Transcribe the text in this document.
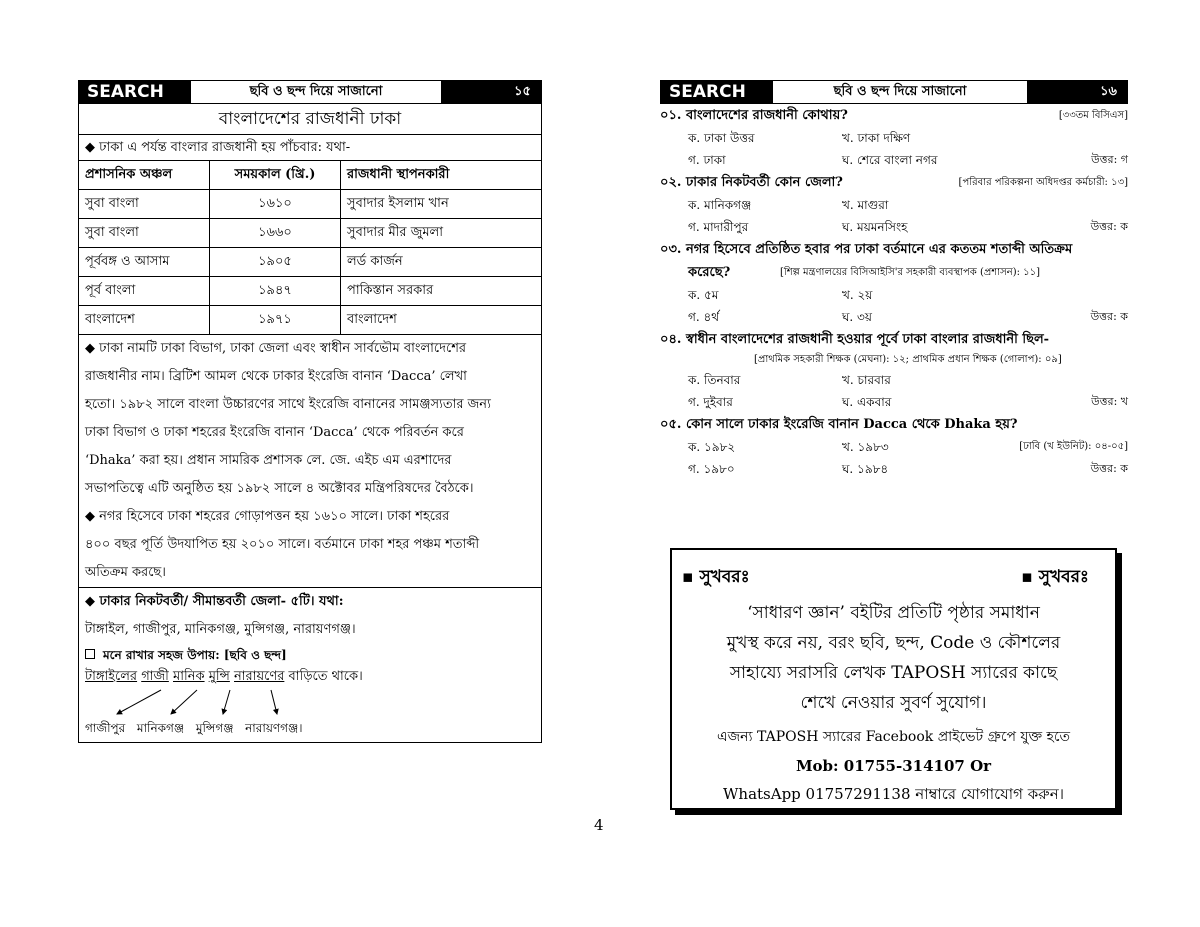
SEARCH	ছবি ও ছন্দ দিয়ে সাজানো	১৫
বাংলাদেশের রাজধানী ঢাকা
◆ ঢাকা এ পর্যন্ত বাংলার রাজধানী হয় পাঁচবার: যথা-
প্রশাসনিক অঞ্চল	সময়কাল (খ্রি.)	রাজধানী স্থাপনকারী
সুবা বাংলা	১৬১০	সুবাদার ইসলাম খান
সুবা বাংলা	১৬৬০	সুবাদার মীর জুমলা
পূর্ববঙ্গ ও আসাম	১৯০৫	লর্ড কার্জন
পূর্ব বাংলা	১৯৪৭	পাকিস্তান সরকার
বাংলাদেশ	১৯৭১	বাংলাদেশ
◆ ঢাকা নামটি ঢাকা বিভাগ, ঢাকা জেলা এবং স্বাধীন সার্বভৌম বাংলাদেশের
রাজধানীর নাম। ব্রিটিশ আমল থেকে ঢাকার ইংরেজি বানান ‘Dacca’ লেখা
হতো। ১৯৮২ সালে বাংলা উচ্চারণের সাথে ইংরেজি বানানের সামঞ্জস্যতার জন্য
ঢাকা বিভাগ ও ঢাকা শহরের ইংরেজি বানান ‘Dacca’ থেকে পরিবর্তন করে
‘Dhaka’ করা হয়। প্রধান সামরিক প্রশাসক লে. জে. এইচ এম এরশাদের
সভাপতিত্বে এটি অনুষ্ঠিত হয় ১৯৮২ সালে ৪ অক্টোবর মন্ত্রিপরিষদের বৈঠকে।
◆ নগর হিসেবে ঢাকা শহরের গোড়াপত্তন হয় ১৬১০ সালে। ঢাকা শহরের
৪০০ বছর পূর্তি উদযাপিত হয় ২০১০ সালে। বর্তমানে ঢাকা শহর পঞ্চম শতাব্দী
অতিক্রম করছে।
◆ ঢাকার নিকটবর্তী/ সীমান্তবর্তী জেলা- ৫টি। যথা:
টাঙ্গাইল, গাজীপুর, মানিকগঞ্জ, মুন্সিগঞ্জ, নারায়ণগঞ্জ।
মনে রাখার সহজ উপায়: [ছবি ও ছন্দ]
টাঙ্গাইলের গাজী মানিক মুন্সি নারায়ণের বাড়িতে থাকে।
গাজীপুর মানিকগঞ্জ মুন্সিগঞ্জ নারায়ণগঞ্জ।
SEARCH	ছবি ও ছন্দ দিয়ে সাজানো	১৬
০১. বাংলাদেশের রাজধানী কোথায়?	[৩৩তম বিসিএস]
ক. ঢাকা উত্তর	খ. ঢাকা দক্ষিণ
গ. ঢাকা	ঘ. শেরে বাংলা নগর	উত্তর: গ
০২. ঢাকার নিকটবর্তী কোন জেলা?	[পরিবার পরিকল্পনা অধিদপ্তর কর্মচারী: ১৩]
ক. মানিকগঞ্জ	খ. মাগুরা
গ. মাদারীপুর	ঘ. ময়মনসিংহ	উত্তর: ক
০৩. নগর হিসেবে প্রতিষ্ঠিত হবার পর ঢাকা বর্তমানে এর কততম শতাব্দী অতিক্রম
করেছে?	[শিল্প মন্ত্রণালয়ের বিসিআইসি'র সহকারী ব্যবস্থাপক (প্রশাসন): ১১]
ক. ৫ম	খ. ২য়
গ. ৪র্থ	ঘ. ৩য়	উত্তর: ক
০৪. স্বাধীন বাংলাদেশের রাজধানী হওয়ার পূর্বে ঢাকা বাংলার রাজধানী ছিল-
[প্রাথমিক সহকারী শিক্ষক (মেঘনা): ১২; প্রাথমিক প্রধান শিক্ষক (গোলাপ): ০৯]
ক. তিনবার	খ. চারবার
গ. দুইবার	ঘ. একবার	উত্তর: খ
০৫. কোন সালে ঢাকার ইংরেজি বানান Dacca থেকে Dhaka হয়?
ক. ১৯৮২	খ. ১৯৮৩	[ঢাবি (খ ইউনিট): ০৪-০৫]
গ. ১৯৮০	ঘ. ১৯৮৪	উত্তর: ক
▪ সুখবরঃ	▪ সুখবরঃ
‘সাধারণ জ্ঞান’ বইটির প্রতিটি পৃষ্ঠার সমাধান
মুখস্থ করে নয়, বরং ছবি, ছন্দ, Code ও কৌশলের
সাহায্যে সরাসরি লেখক TAPOSH স্যারের কাছে
শেখে নেওয়ার সুবর্ণ সুযোগ।
এজন্য TAPOSH স্যারের Facebook প্রাইভেট গ্রুপে যুক্ত হতে
Mob: 01755-314107 Or
WhatsApp 01757291138 নাম্বারে যোগাযোগ করুন।
4
